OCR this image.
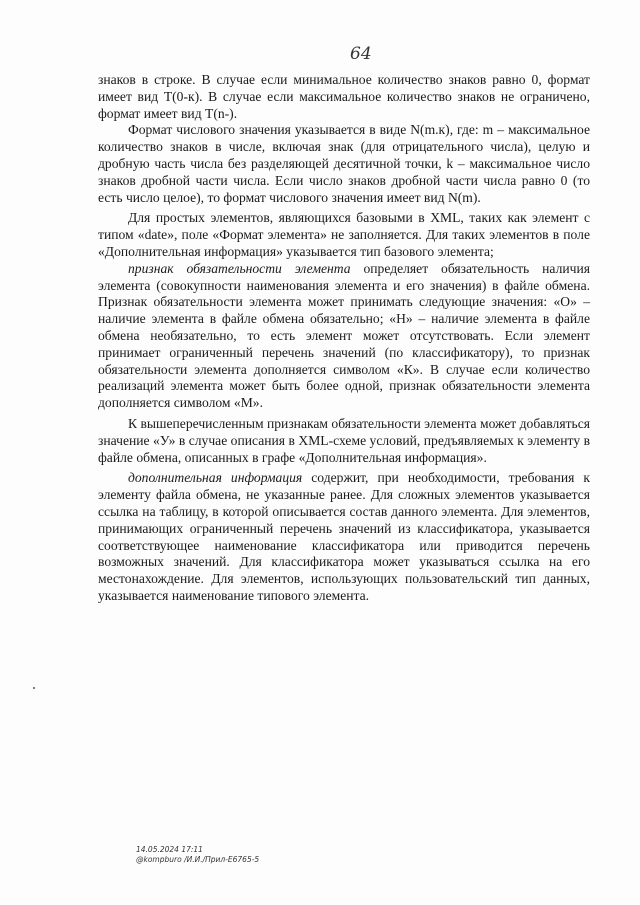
64

знаков в строке. В случае если минимальное количество знаков равно 0, формат имеет вид T(0-к). В случае если максимальное количество знаков не ограничено, формат имеет вид T(n-).

Формат числового значения указывается в виде N(m.к), где: m – максимальное количество знаков в числе, включая знак (для отрицательного числа), целую и дробную часть числа без разделяющей десятичной точки, k – максимальное число знаков дробной части числа. Если число знаков дробной части числа равно 0 (то есть число целое), то формат числового значения имеет вид N(m).

Для простых элементов, являющихся базовыми в XML, таких как элемент с типом «date», поле «Формат элемента» не заполняется. Для таких элементов в поле «Дополнительная информация» указывается тип базового элемента;

признак обязательности элемента определяет обязательность наличия элемента (совокупности наименования элемента и его значения) в файле обмена. Признак обязательности элемента может принимать следующие значения: «О» – наличие элемента в файле обмена обязательно; «Н» – наличие элемента в файле обмена необязательно, то есть элемент может отсутствовать. Если элемент принимает ограниченный перечень значений (по классификатору), то признак обязательности элемента дополняется символом «К». В случае если количество реализаций элемента может быть более одной, признак обязательности элемента дополняется символом «М».

К вышеперечисленным признакам обязательности элемента может добавляться значение «У» в случае описания в XML-схеме условий, предъявляемых к элементу в файле обмена, описанных в графе «Дополнительная информация».

дополнительная информация содержит, при необходимости, требования к элементу файла обмена, не указанные ранее. Для сложных элементов указывается ссылка на таблицу, в которой описывается состав данного элемента. Для элементов, принимающих ограниченный перечень значений из классификатора, указывается соответствующее наименование классификатора или приводится перечень возможных значений. Для классификатора может указываться ссылка на его местонахождение. Для элементов, использующих пользовательский тип данных, указывается наименование типового элемента.

14.05.2024 17:11
@kompburo /И.И./Прил-Е6765-5
